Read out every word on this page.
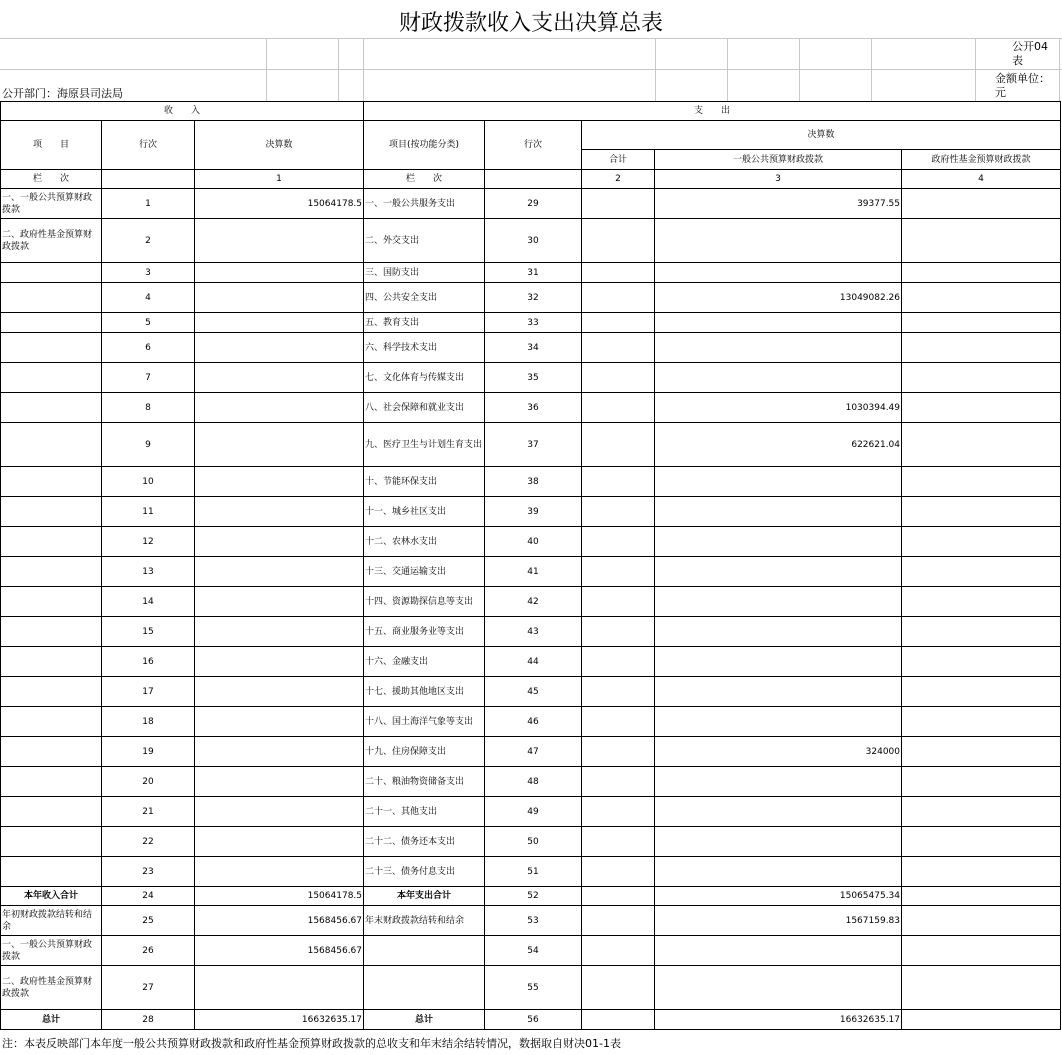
财政拨款收入支出决算总表
公开04表
金额单位：元
公开部门：海原县司法局
收　　入			支　　出				
项　　目	行次	决算数	项目(按功能分类)	行次	决算数		
					合计	一般公共预算财政拨款	政府性基金预算财政拨款
栏　　次		1	栏　　次		2	3	4
一、一般公共预算财政拨款	1	15064178.5	一、一般公共服务支出	29		39377.55	
二、政府性基金预算财政拨款	2		二、外交支出	30			
	3		三、国防支出	31			
	4		四、公共安全支出	32		13049082.26	
	5		五、教育支出	33			
	6		六、科学技术支出	34			
	7		七、文化体育与传媒支出	35			
	8		八、社会保障和就业支出	36		1030394.49	
	9		九、医疗卫生与计划生育支出	37		622621.04	
	10		十、节能环保支出	38			
	11		十一、城乡社区支出	39			
	12		十二、农林水支出	40			
	13		十三、交通运输支出	41			
	14		十四、资源勘探信息等支出	42			
	15		十五、商业服务业等支出	43			
	16		十六、金融支出	44			
	17		十七、援助其他地区支出	45			
	18		十八、国土海洋气象等支出	46			
	19		十九、住房保障支出	47		324000	
	20		二十、粮油物资储备支出	48			
	21		二十一、其他支出	49			
	22		二十二、债务还本支出	50			
	23		二十三、债务付息支出	51			
本年收入合计	24	15064178.5	本年支出合计	52		15065475.34	
年初财政拨款结转和结余	25	1568456.67	年末财政拨款结转和结余	53		1567159.83	
一、一般公共预算财政拨款	26	1568456.67		54			
二、政府性基金预算财政拨款	27			55			
总计	28	16632635.17	总计	56		16632635.17	
注：本表反映部门本年度一般公共预算财政拨款和政府性基金预算财政拨款的总收支和年末结余结转情况，数据取自财决01-1表
